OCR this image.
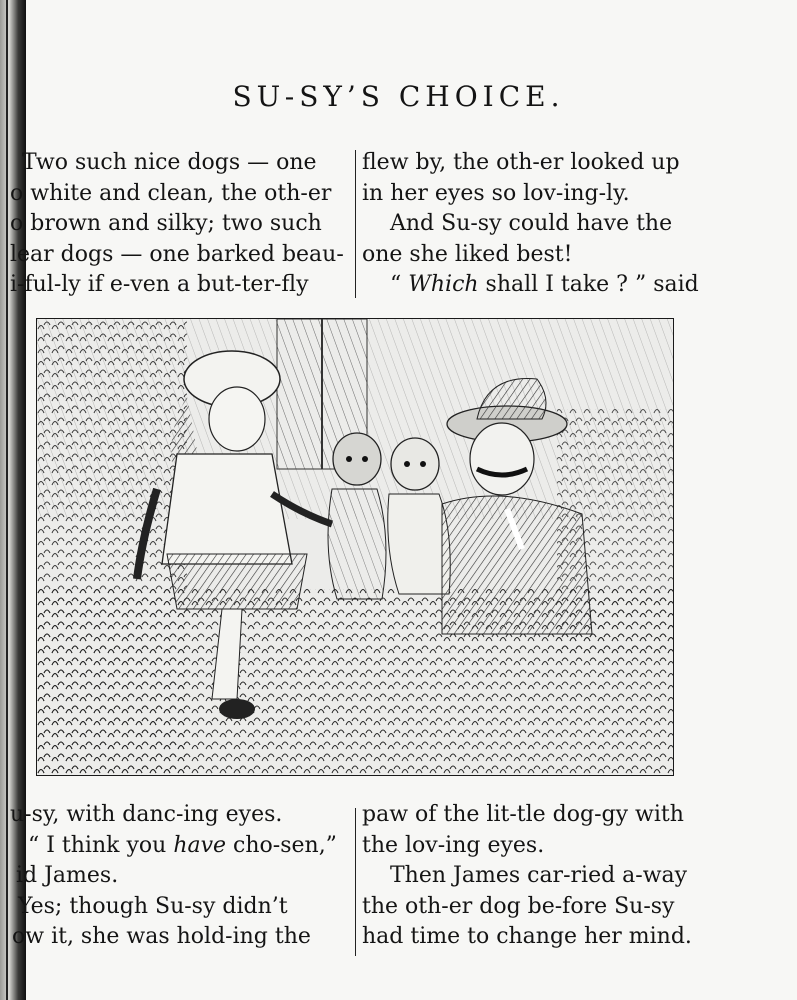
SU-SY’S CHOICE.
Two such nice dogs — one
o white and clean, the oth-er
o brown and silky; two such
lear dogs — one barked beau-
i-ful-ly if e-ven a but-ter-fly
flew by, the oth-er looked up
in her eyes so lov-ing-ly.
And Su-sy could have the
one she liked best!
“ Which shall I take ? ” said
u-sy, with danc-ing eyes.
“ I think you have cho-sen,”
id James.
Yes; though Su-sy didn’t
ow it, she was hold-ing the
paw of the lit-tle dog-gy with
the lov-ing eyes.
Then James car-ried a-way
the oth-er dog be-fore Su-sy
had time to change her mind.
